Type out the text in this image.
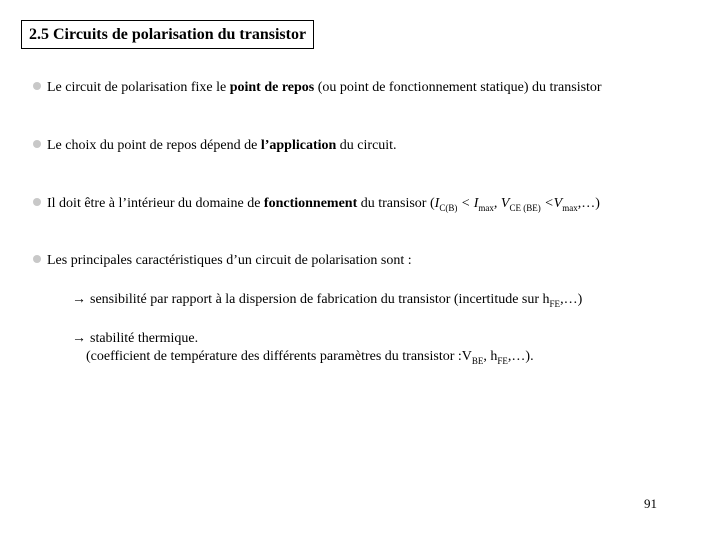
2.5 Circuits de polarisation du transistor
Le circuit de polarisation fixe le point de repos (ou point de fonctionnement statique) du transistor
Le choix du point de repos dépend de l’application du circuit.
Il doit être à l’intérieur du domaine de fonctionnement du transisor ($I_{C(B)} < I_{max}$, $V_{CE (BE)}$ $<V_{max},\dots$)
Les principales caractéristiques d’un circuit de polarisation sont :
→ sensibilité par rapport à la dispersion de fabrication du transistor (incertitude sur $h_{FE},\dots$)
→ stabilité thermique.
(coefficient de température des différents paramètres du transistor $:V_{BE}$, $h_{FE},\dots$).
91
